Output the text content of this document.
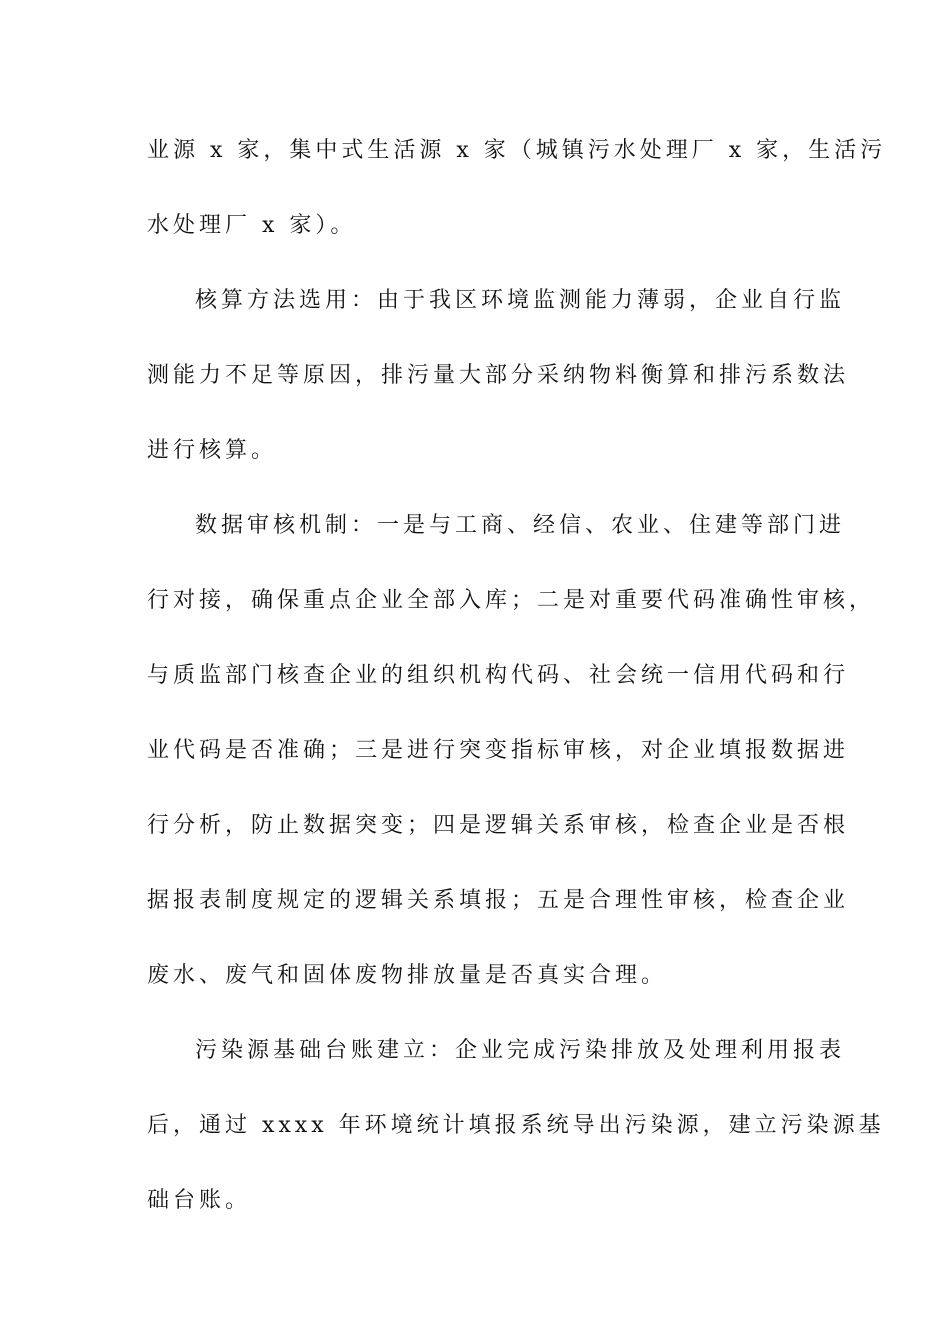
业源 x 家，集中式生活源 x 家（城镇污水处理厂 x 家，生活污
水处理厂 x 家）。
核算方法选用：由于我区环境监测能力薄弱，企业自行监
测能力不足等原因，排污量大部分采纳物料衡算和排污系数法
进行核算。
数据审核机制：一是与工商、经信、农业、住建等部门进
行对接，确保重点企业全部入库；二是对重要代码准确性审核，
与质监部门核查企业的组织机构代码、社会统一信用代码和行
业代码是否准确；三是进行突变指标审核，对企业填报数据进
行分析，防止数据突变；四是逻辑关系审核，检查企业是否根
据报表制度规定的逻辑关系填报；五是合理性审核，检查企业
废水、废气和固体废物排放量是否真实合理。
污染源基础台账建立：企业完成污染排放及处理利用报表
后，通过 xxxx 年环境统计填报系统导出污染源，建立污染源基
础台账。
